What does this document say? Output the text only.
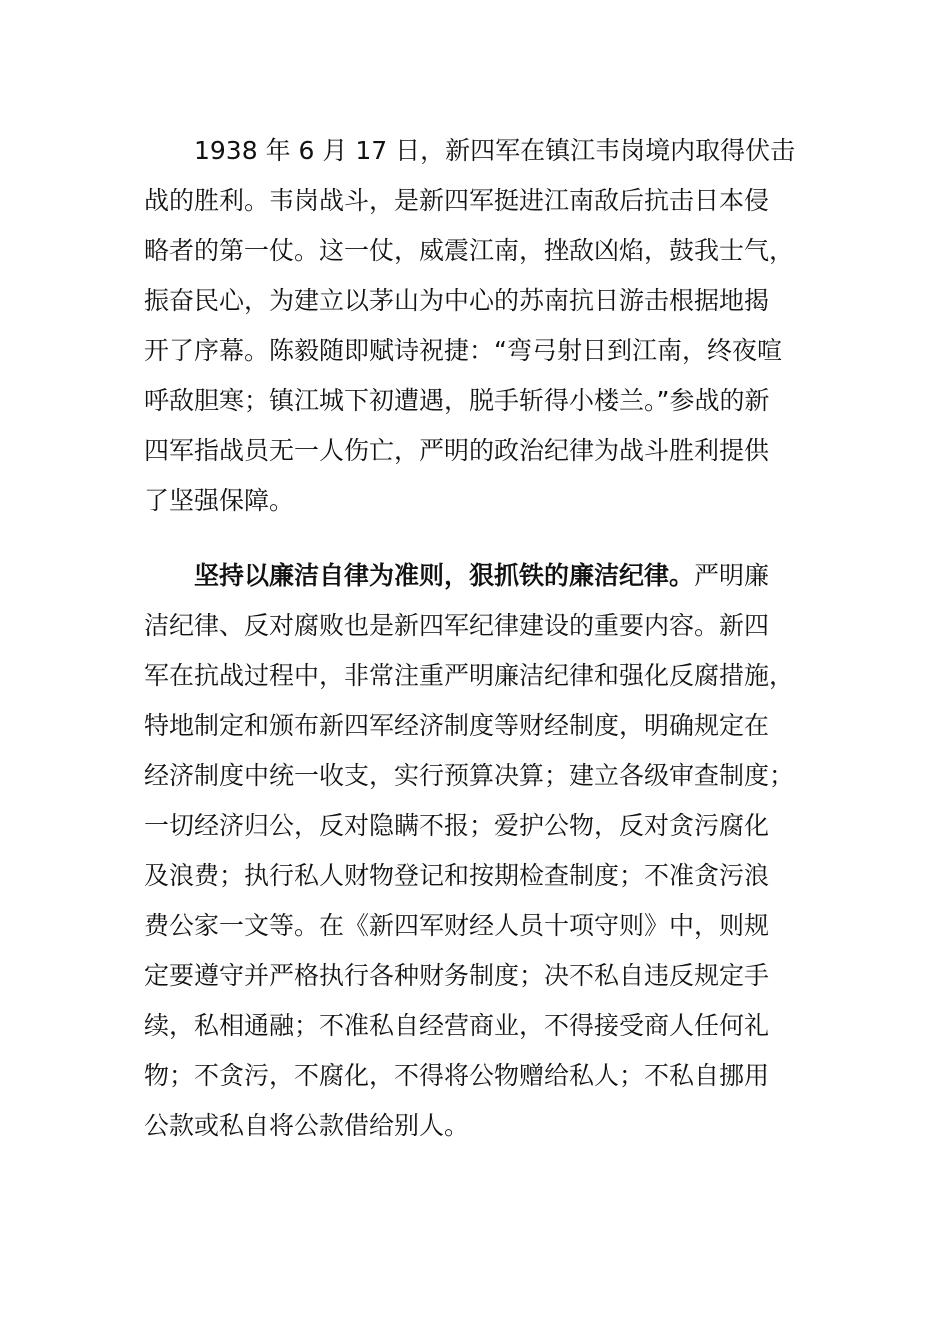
1938 年 6 月 17 日，新四军在镇江韦岗境内取得伏击
战的胜利。韦岗战斗，是新四军挺进江南敌后抗击日本侵
略者的第一仗。这一仗，威震江南，挫敌凶焰，鼓我士气，
振奋民心，为建立以茅山为中心的苏南抗日游击根据地揭
开了序幕。陈毅随即赋诗祝捷：“弯弓射日到江南，终夜喧
呼敌胆寒；镇江城下初遭遇，脱手斩得小楼兰。”参战的新
四军指战员无一人伤亡，严明的政治纪律为战斗胜利提供
了坚强保障。
坚持以廉洁自律为准则，狠抓铁的廉洁纪律。严明廉
洁纪律、反对腐败也是新四军纪律建设的重要内容。新四
军在抗战过程中，非常注重严明廉洁纪律和强化反腐措施，
特地制定和颁布新四军经济制度等财经制度，明确规定在
经济制度中统一收支，实行预算决算；建立各级审查制度；
一切经济归公，反对隐瞒不报；爱护公物，反对贪污腐化
及浪费；执行私人财物登记和按期检查制度；不准贪污浪
费公家一文等。在《新四军财经人员十项守则》中，则规
定要遵守并严格执行各种财务制度；决不私自违反规定手
续，私相通融；不准私自经营商业，不得接受商人任何礼
物；不贪污，不腐化，不得将公物赠给私人；不私自挪用
公款或私自将公款借给别人。
